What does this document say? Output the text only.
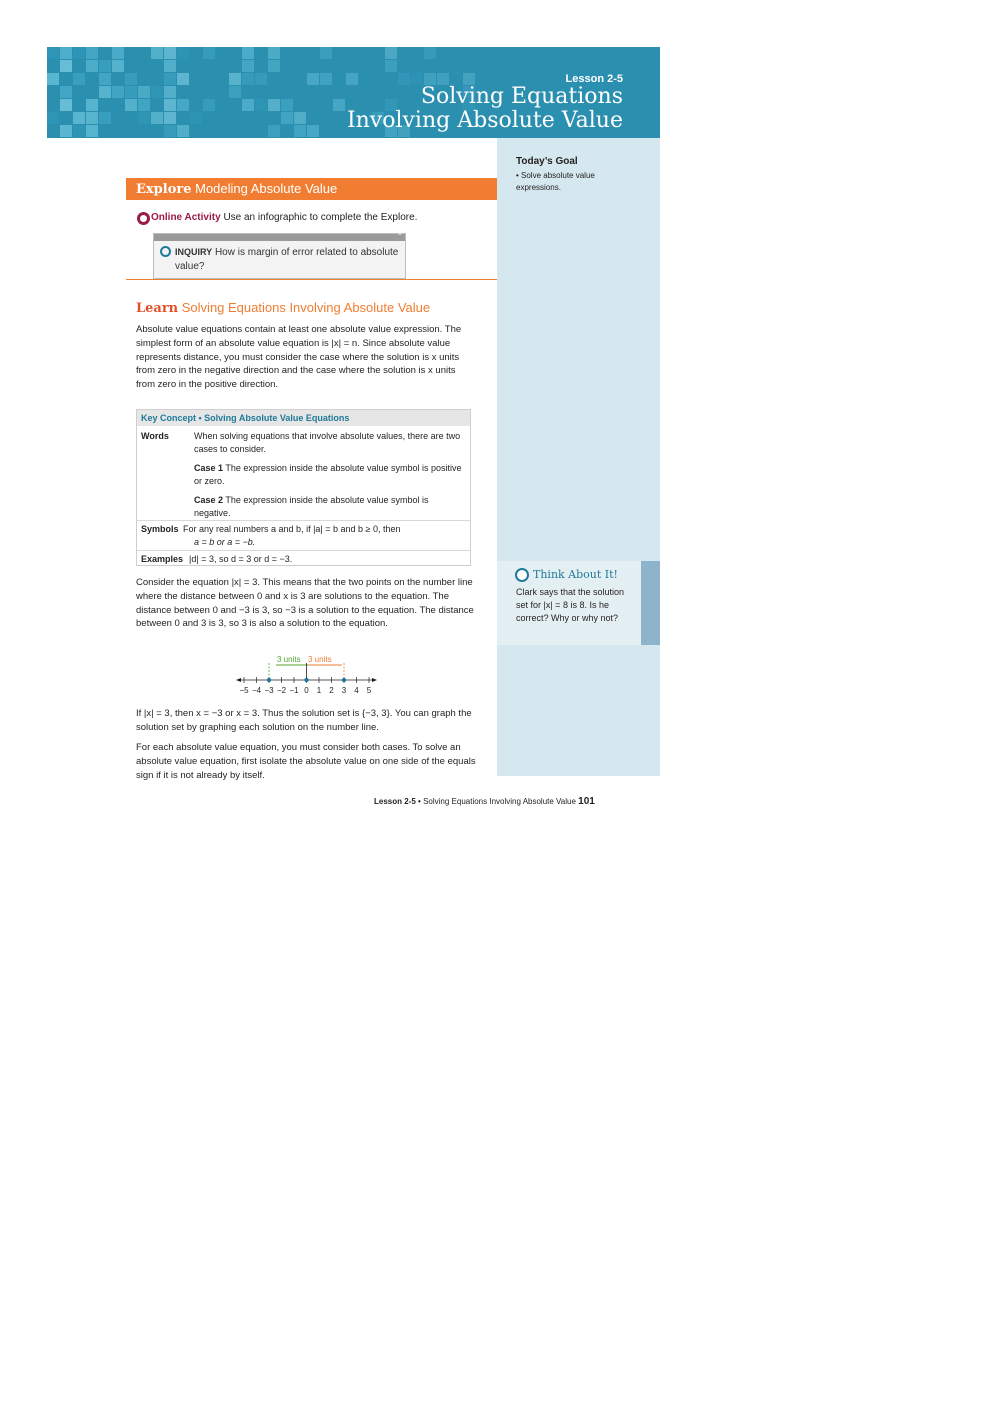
Lesson 2-5
Solving Equations
Involving Absolute Value
Today’s Goal
• Solve absolute value expressions.
Think About It!
Clark says that the solution set for |x| = 8 is 8. Is he correct? Why or why not?
Explore Modeling Absolute Value
Online Activity Use an infographic to complete the Explore.
×
INQUIRY How is margin of error related to absolute value?
Learn Solving Equations Involving Absolute Value

Absolute value equations contain at least one absolute value expression. The simplest form of an absolute value equation is |x| = n. Since absolute value represents distance, you must consider the case where the solution is x units from zero in the negative direction and the case where the solution is x units from zero in the positive direction.

Key Concept • Solving Absolute Value Equations
Words	When solving equations that involve absolute values, there are two cases to consider.
Case 1 The expression inside the absolute value symbol is positive or zero.
Case 2 The expression inside the absolute value symbol is negative.
Symbols For any real numbers a and b, if |a| = b and b ≥ 0, then
a = b or a = −b.
Examples |d| = 3, so d = 3 or d = −3.

Consider the equation |x| = 3. This means that the two points on the number line where the distance between 0 and x is 3 are solutions to the equation. The distance between 0 and −3 is 3, so −3 is a solution to the equation. The distance between 0 and 3 is 3, so 3 is also a solution to the equation.

3 units 3 units
−5 −4 −3 −2 −1 0 1 2 3 4 5

If |x| = 3, then x = −3 or x = 3. Thus the solution set is {−3, 3}. You can graph the solution set by graphing each solution on the number line.

For each absolute value equation, you must consider both cases. To solve an absolute value equation, first isolate the absolute value on one side of the equals sign if it is not already by itself.

Lesson 2-5 • Solving Equations Involving Absolute Value 101
